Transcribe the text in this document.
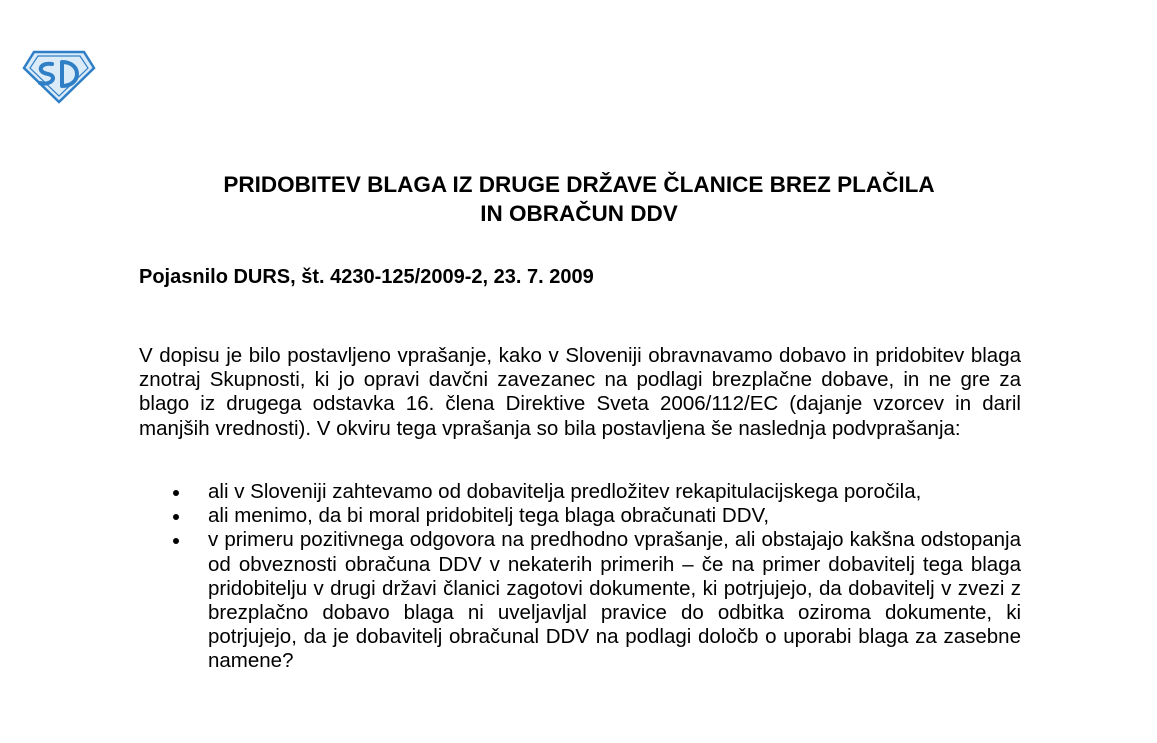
PRIDOBITEV BLAGA IZ DRUGE DRŽAVE ČLANICE BREZ PLAČILA
IN OBRAČUN DDV
Pojasnilo DURS, št. 4230-125/2009-2, 23. 7. 2009

V dopisu je bilo postavljeno vprašanje, kako v Sloveniji obravnavamo dobavo in pridobitev blaga znotraj Skupnosti, ki jo opravi davčni zavezanec na podlagi brezplačne dobave, in ne gre za blago iz drugega odstavka 16. člena Direktive Sveta 2006/112/EC (dajanje vzorcev in daril manjših vrednosti). V okviru tega vprašanja so bila postavljena še naslednja podvprašanja:

ali v Sloveniji zahtevamo od dobavitelja predložitev rekapitulacijskega poročila,
ali menimo, da bi moral pridobitelj tega blaga obračunati DDV,
v primeru pozitivnega odgovora na predhodno vprašanje, ali obstajajo kakšna odstopanja od obveznosti obračuna DDV v nekaterih primerih – če na primer dobavitelj tega blaga pridobitelju v drugi državi članici zagotovi dokumente, ki potrjujejo, da dobavitelj v zvezi z brezplačno dobavo blaga ni uveljavljal pravice do odbitka oziroma dokumente, ki potrjujejo, da je dobavitelj obračunal DDV na podlagi določb o uporabi blaga za zasebne namene?
